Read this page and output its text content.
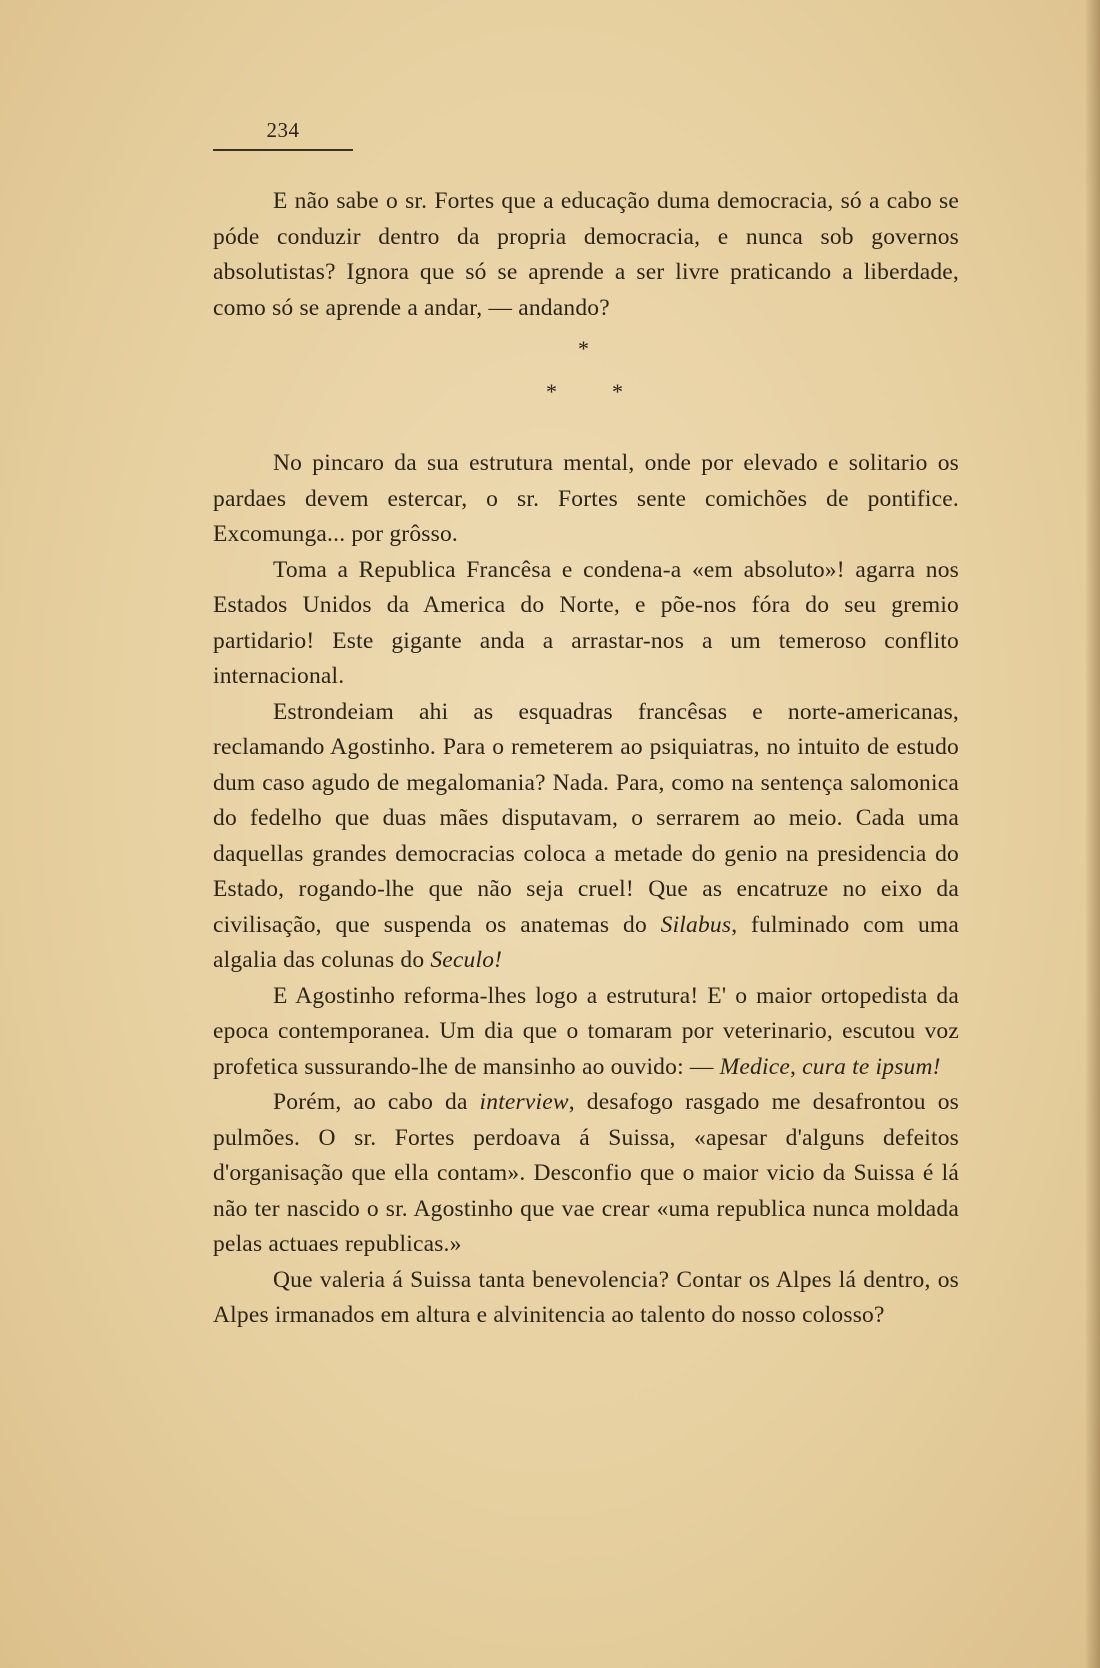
234

E não sabe o sr. Fortes que a educação duma democracia, só a cabo se póde conduzir dentro da propria democracia, e nunca sob governos absolutistas? Ignora que só se aprende a ser livre praticando a liberdade, como só se aprende a andar, — andando?

*
* *

No pincaro da sua estrutura mental, onde por elevado e solitario os pardaes devem estercar, o sr. Fortes sente comichões de pontifice. Excomunga... por grôsso.

Toma a Republica Francêsa e condena-a «em absoluto»! agarra nos Estados Unidos da America do Norte, e põe-nos fóra do seu gremio partidario! Este gigante anda a arrastar-nos a um temeroso conflito internacional.

Estrondeiam ahi as esquadras francêsas e norte-americanas, reclamando Agostinho. Para o remeterem ao psiquiatras, no intuito de estudo dum caso agudo de megalomania? Nada. Para, como na sentença salomonica do fedelho que duas mães disputavam, o serrarem ao meio. Cada uma daquellas grandes democracias coloca a metade do genio na presidencia do Estado, rogando-lhe que não seja cruel! Que as encatruze no eixo da civilisação, que suspenda os anatemas do Silabus, fulminado com uma algalia das colunas do Seculo!

E Agostinho reforma-lhes logo a estrutura! E' o maior ortopedista da epoca contemporanea. Um dia que o tomaram por veterinario, escutou voz profetica sussurando-lhe de mansinho ao ouvido: — Medice, cura te ipsum!

Porém, ao cabo da interview, desafogo rasgado me desafrontou os pulmões. O sr. Fortes perdoava á Suissa, «apesar d'alguns defeitos d'organisação que ella contam». Desconfio que o maior vicio da Suissa é lá não ter nascido o sr. Agostinho que vae crear «uma republica nunca moldada pelas actuaes republicas.»

Que valeria á Suissa tanta benevolencia? Contar os Alpes lá dentro, os Alpes irmanados em altura e alvinitencia ao talento do nosso colosso?
